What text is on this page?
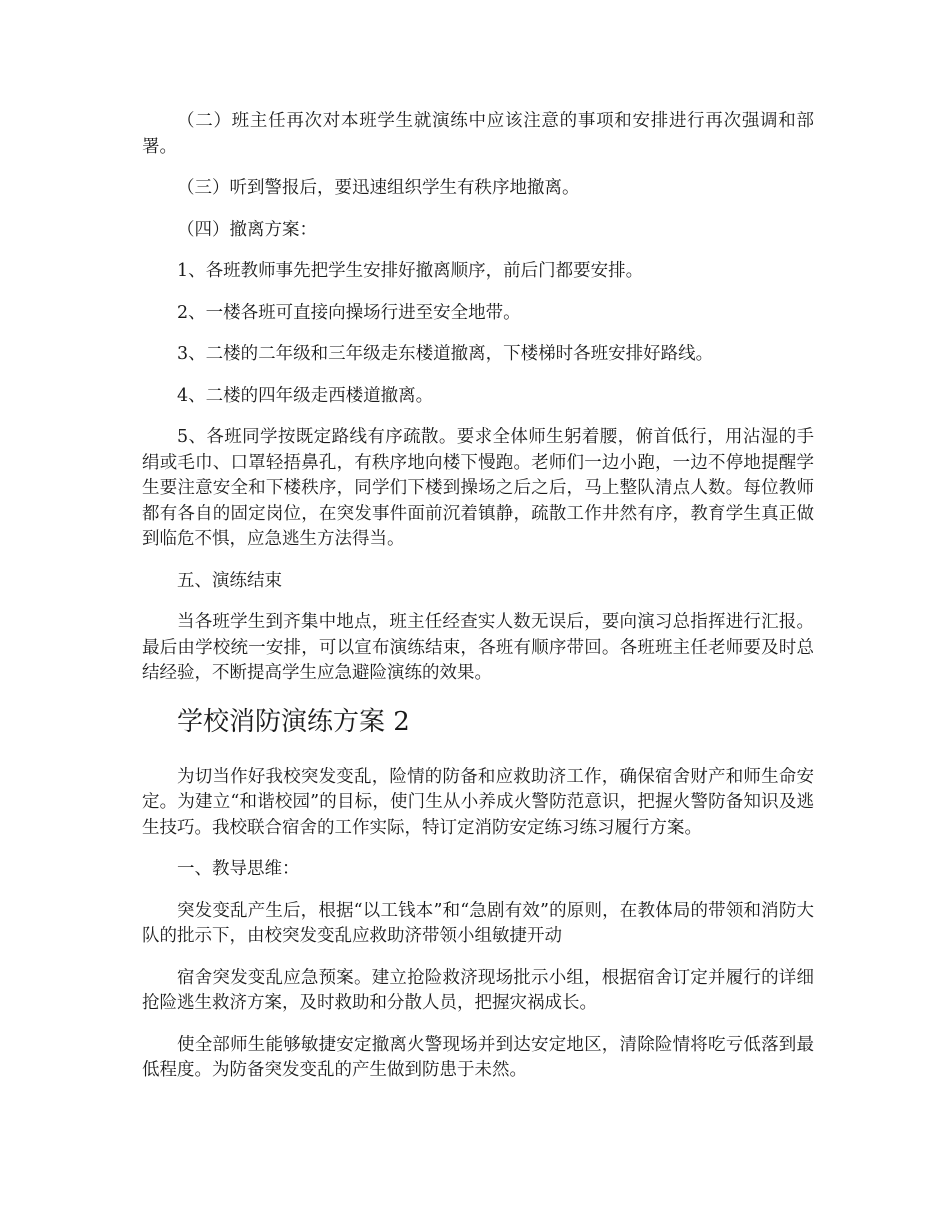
（二）班主任再次对本班学生就演练中应该注意的事项和安排进行再次强调和部署。

（三）听到警报后，要迅速组织学生有秩序地撤离。

（四）撤离方案：

1、各班教师事先把学生安排好撤离顺序，前后门都要安排。

2、一楼各班可直接向操场行进至安全地带。

3、二楼的二年级和三年级走东楼道撤离，下楼梯时各班安排好路线。

4、二楼的四年级走西楼道撤离。

5、各班同学按既定路线有序疏散。要求全体师生躬着腰，俯首低行，用沾湿的手绢或毛巾、口罩轻捂鼻孔，有秩序地向楼下慢跑。老师们一边小跑，一边不停地提醒学生要注意安全和下楼秩序，同学们下楼到操场之后之后，马上整队清点人数。每位教师都有各自的固定岗位，在突发事件面前沉着镇静，疏散工作井然有序，教育学生真正做到临危不惧，应急逃生方法得当。

五、演练结束

当各班学生到齐集中地点，班主任经查实人数无误后，要向演习总指挥进行汇报。最后由学校统一安排，可以宣布演练结束，各班有顺序带回。各班班主任老师要及时总结经验，不断提高学生应急避险演练的效果。

学校消防演练方案 2

为切当作好我校突发变乱，险情的防备和应救助济工作，确保宿舍财产和师生命安定。为建立“和谐校园”的目标，使门生从小养成火警防范意识，把握火警防备知识及逃生技巧。我校联合宿舍的工作实际，特订定消防安定练习练习履行方案。

一、教导思维：

突发变乱产生后，根据“以工钱本”和“急剧有效”的原则，在教体局的带领和消防大队的批示下，由校突发变乱应救助济带领小组敏捷开动

宿舍突发变乱应急预案。建立抢险救济现场批示小组，根据宿舍订定并履行的详细抢险逃生救济方案，及时救助和分散人员，把握灾祸成长。

使全部师生能够敏捷安定撤离火警现场并到达安定地区，清除险情将吃亏低落到最低程度。为防备突发变乱的产生做到防患于未然。
